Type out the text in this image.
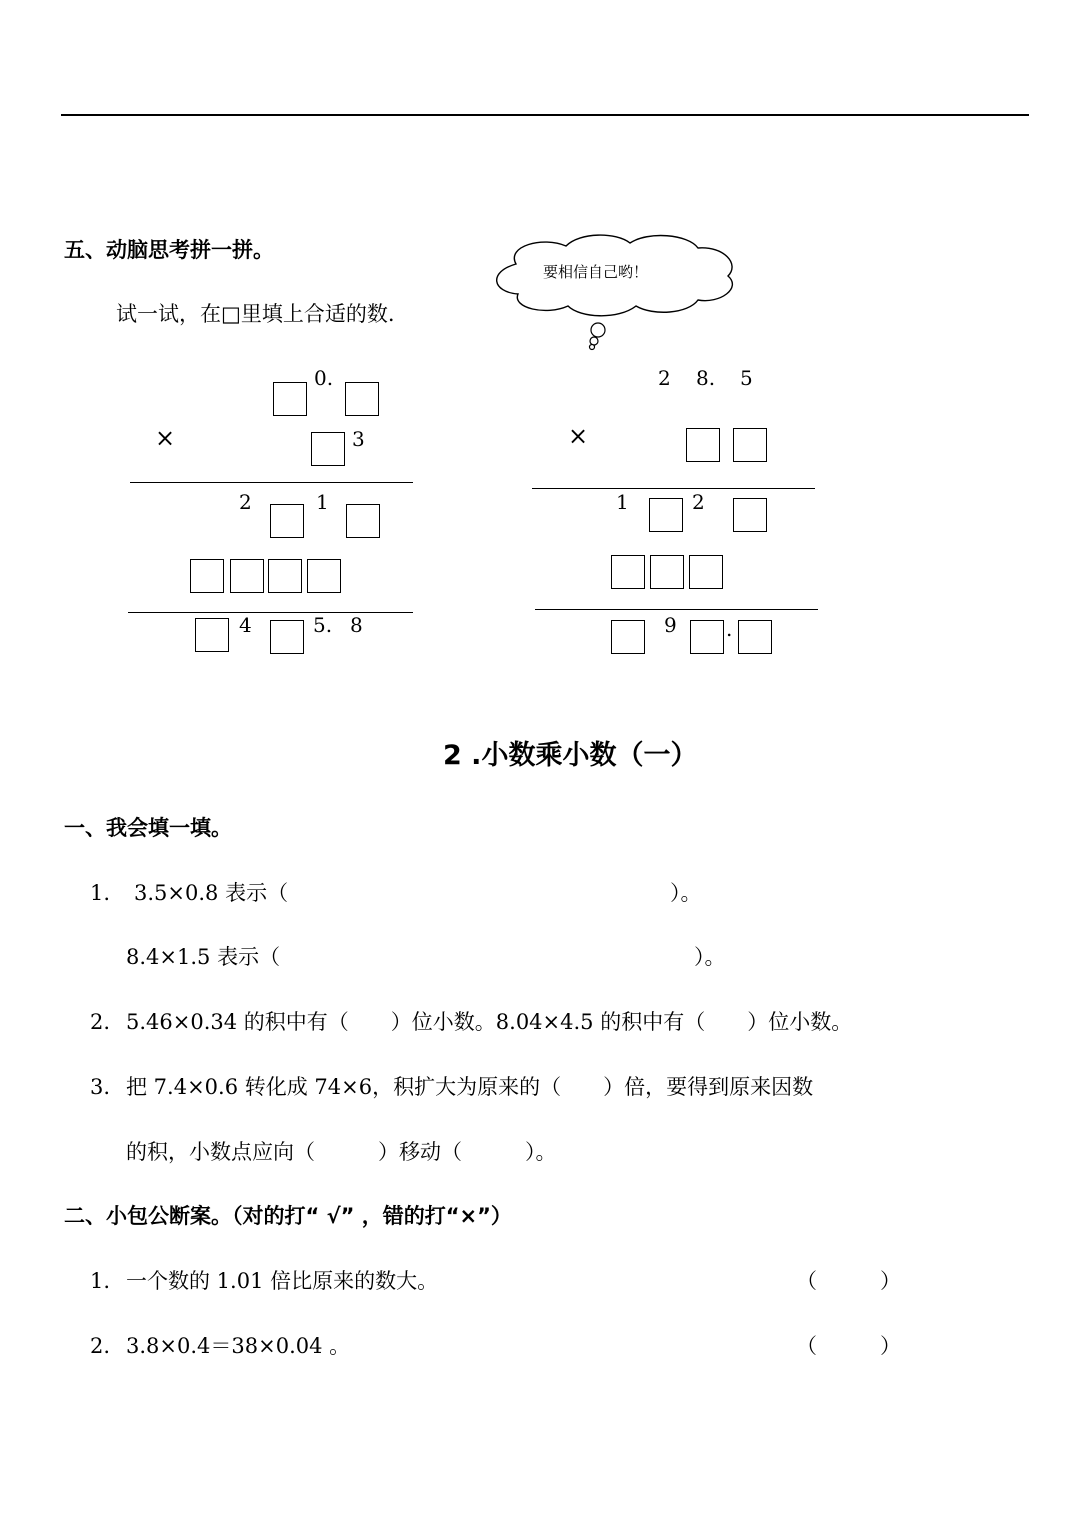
五、动脑思考拼一拼。
试一试，在□里填上合适的数.
要相信自己哟！
0.
×	3
2	1
4	5. 8
2 8. 5
×
1	2
9 .
2 .小数乘小数（一）
一、我会填一填。
1. 3.5×0.8 表示（	）。
8.4×1.5 表示（	）。
2. 5.46×0.34 的积中有（　　）位小数。8.04×4.5 的积中有（　　）位小数。
3. 把 7.4×0.6 转化成 74×6，积扩大为原来的（　　）倍，要得到原来因数
的积，小数点应向（　　　）移动（　　　）。
二、小包公断案。（对的打“ √” ，错的打“×”）
1. 一个数的 1.01 倍比原来的数大。	（　　　）
2. 3.8×0.4＝38×0.04 。	（　　　）
